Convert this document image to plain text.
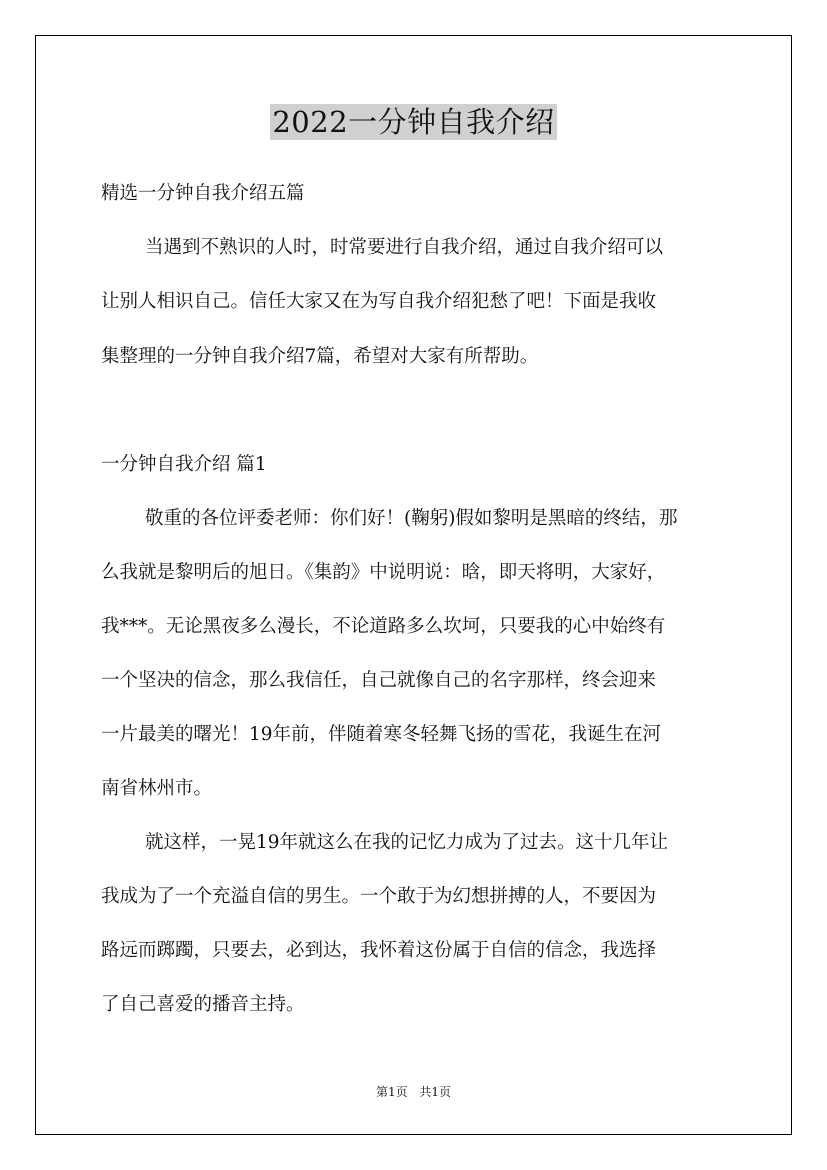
2022一分钟自我介绍
精选一分钟自我介绍五篇
当遇到不熟识的人时，时常要进行自我介绍，通过自我介绍可以
让别人相识自己。信任大家又在为写自我介绍犯愁了吧！下面是我收
集整理的一分钟自我介绍7篇，希望对大家有所帮助。
一分钟自我介绍 篇1
敬重的各位评委老师：你们好！(鞠躬)假如黎明是黑暗的终结，那
么我就是黎明后的旭日。《集韵》中说明说：晗，即天将明，大家好，
我***。无论黑夜多么漫长，不论道路多么坎坷，只要我的心中始终有
一个坚决的信念，那么我信任，自己就像自己的名字那样，终会迎来
一片最美的曙光！19年前，伴随着寒冬轻舞飞扬的雪花，我诞生在河
南省林州市。
就这样，一晃19年就这么在我的记忆力成为了过去。这十几年让
我成为了一个充溢自信的男生。一个敢于为幻想拼搏的人，不要因为
路远而踯躅，只要去，必到达，我怀着这份属于自信的信念，我选择
了自己喜爱的播音主持。
第1页 共1页
